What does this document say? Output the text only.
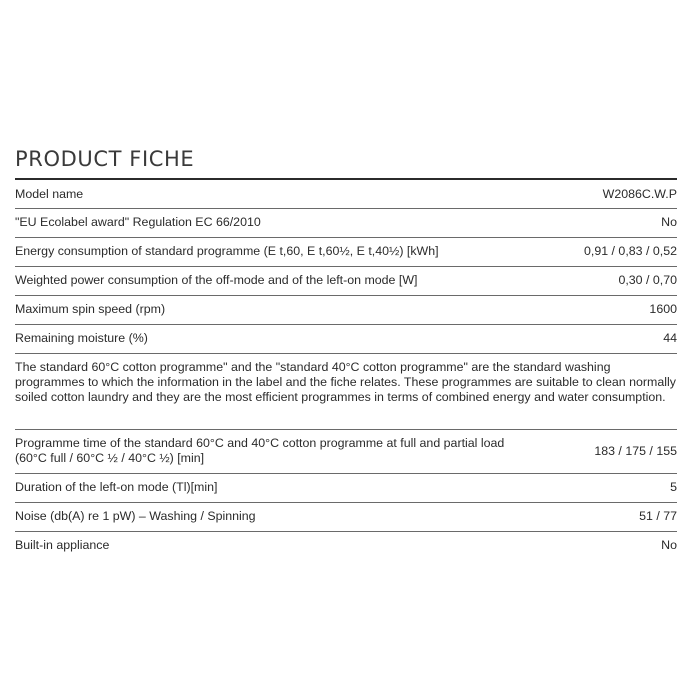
PRODUCT FICHE
Model name	W2086C.W.P
"EU Ecolabel award" Regulation EC 66/2010	No
Energy consumption of standard programme (E t,60, E t,60½, E t,40½) [kWh]	0,91 / 0,83 / 0,52
Weighted power consumption of the off-mode and of the left-on mode [W]	0,30 / 0,70
Maximum spin speed (rpm)	1600
Remaining moisture (%)	44
The standard 60°C cotton programme" and the "standard 40°C cotton programme" are the standard washing programmes to which the information in the label and the fiche relates. These programmes are suitable to clean normally soiled cotton laundry and they are the most efficient programmes in terms of combined energy and water consumption.
Programme time of the standard 60°C and 40°C cotton programme at full and partial load (60°C full / 60°C ½ / 40°C ½) [min]	183 / 175 / 155
Duration of the left-on mode (Tl)[min]	5
Noise (db(A) re 1 pW) – Washing / Spinning	51 / 77
Built-in appliance	No
